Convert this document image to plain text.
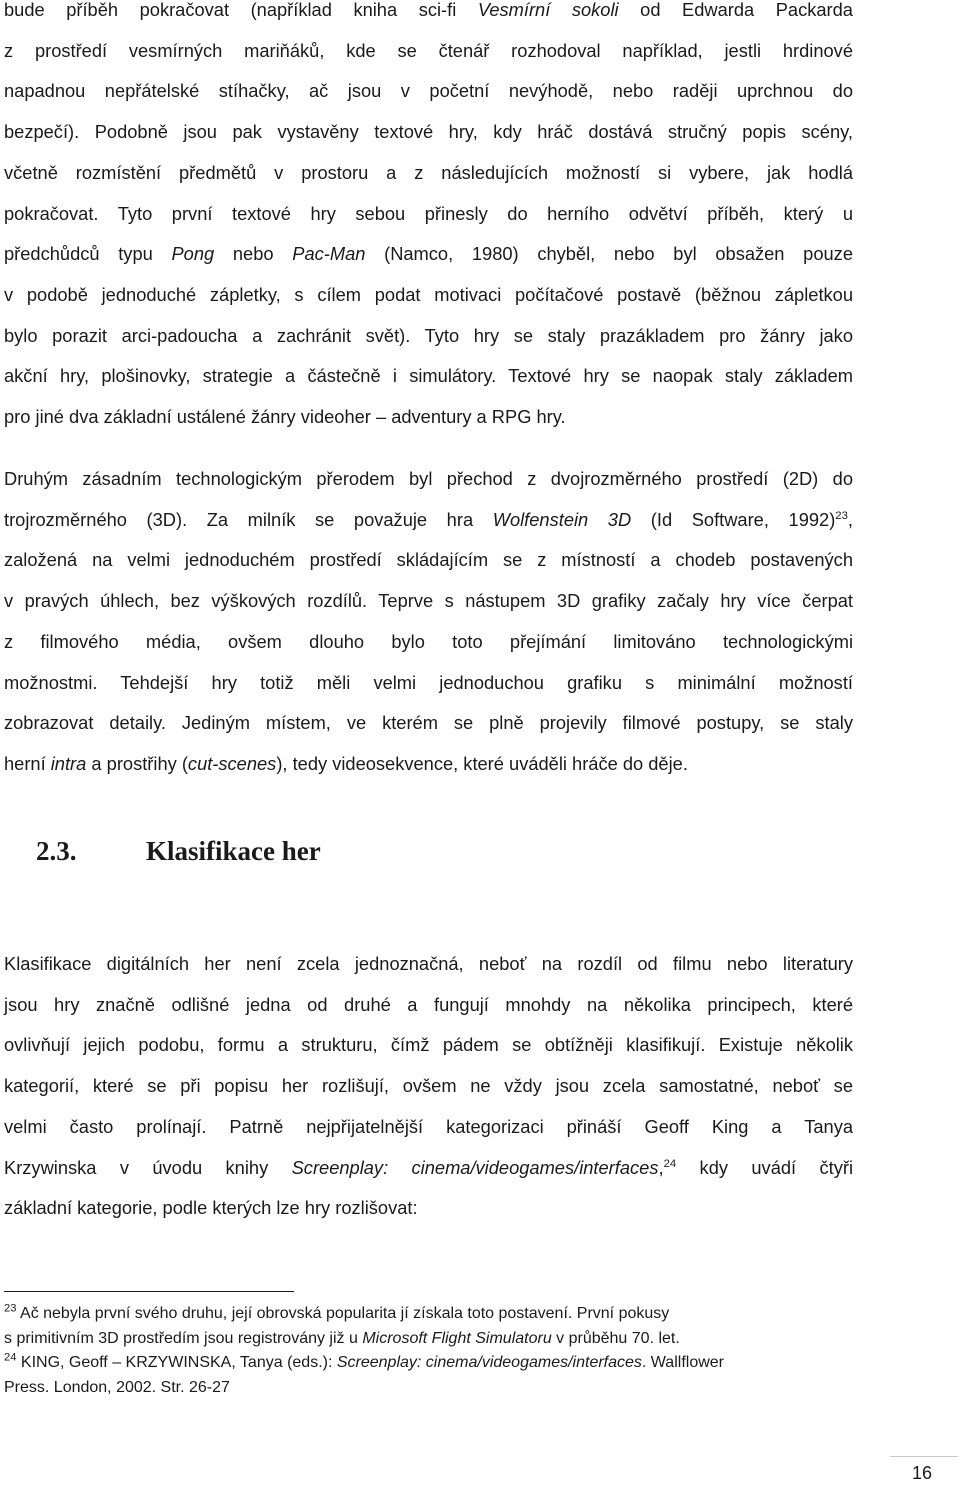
bude příběh pokračovat (například kniha sci-fi Vesmírní sokoli od Edwarda Packarda
z prostředí vesmírných mariňáků, kde se čtenář rozhodoval například, jestli hrdinové
napadnou nepřátelské stíhačky, ač jsou v početní nevýhodě, nebo raději uprchnou do
bezpečí). Podobně jsou pak vystavěny textové hry, kdy hráč dostává stručný popis scény,
včetně rozmístění předmětů v prostoru a z následujících možností si vybere, jak hodlá
pokračovat. Tyto první textové hry sebou přinesly do herního odvětví příběh, který u
předchůdců typu Pong nebo Pac-Man (Namco, 1980) chyběl, nebo byl obsažen pouze
v podobě jednoduché zápletky, s cílem podat motivaci počítačové postavě (běžnou zápletkou
bylo porazit arci-padoucha a zachránit svět). Tyto hry se staly prazákladem pro žánry jako
akční hry, plošinovky, strategie a částečně i simulátory. Textové hry se naopak staly základem
pro jiné dva základní ustálené žánry videoher – adventury a RPG hry.
Druhým zásadním technologickým přerodem byl přechod z dvojrozměrného prostředí (2D) do
trojrozměrného (3D). Za milník se považuje hra Wolfenstein 3D (Id Software, 1992)$^{23}$,
založená na velmi jednoduchém prostředí skládajícím se z místností a chodeb postavených
v pravých úhlech, bez výškových rozdílů. Teprve s nástupem 3D grafiky začaly hry více čerpat
z filmového média, ovšem dlouho bylo toto přejímání limitováno technologickými
možnostmi. Tehdejší hry totiž měli velmi jednoduchou grafiku s minimální možností
zobrazovat detaily. Jediným místem, ve kterém se plně projevily filmové postupy, se staly
herní intra a prostřihy (cut-scenes), tedy videosekvence, které uváděli hráče do děje.
2.3.	Klasifikace her
Klasifikace digitálních her není zcela jednoznačná, neboť na rozdíl od filmu nebo literatury
jsou hry značně odlišné jedna od druhé a fungují mnohdy na několika principech, které
ovlivňují jejich podobu, formu a strukturu, čímž pádem se obtížněji klasifikují. Existuje několik
kategorií, které se při popisu her rozlišují, ovšem ne vždy jsou zcela samostatné, neboť se
velmi často prolínají. Patrně nejpřijatelnější kategorizaci přináší Geoff King a Tanya
Krzywinska v úvodu knihy Screenplay: cinema/videogames/interfaces,$^{24}$ kdy uvádí čtyři
základní kategorie, podle kterých lze hry rozlišovat:
$^{23}$ Ač nebyla první svého druhu, její obrovská popularita jí získala toto postavení. První pokusy
s primitivním 3D prostředím jsou registrovány již u Microsoft Flight Simulatoru v průběhu 70. let.
$^{24}$ KING, Geoff – KRZYWINSKA, Tanya (eds.): Screenplay: cinema/videogames/interfaces. Wallflower
Press. London, 2002. Str. 26-27
16
